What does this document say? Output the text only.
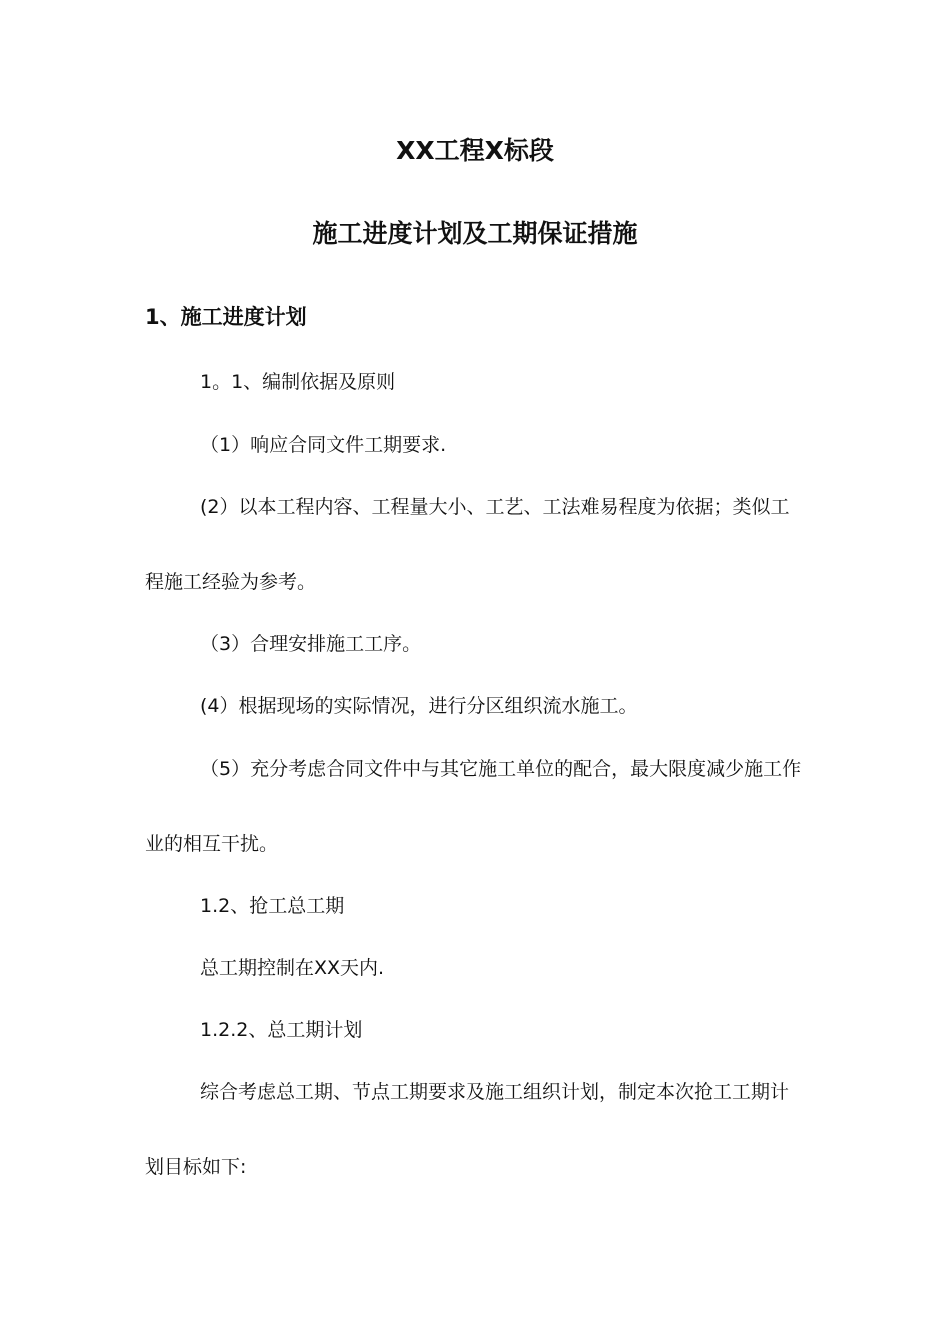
XX工程X标段
施工进度计划及工期保证措施
1、施工进度计划
1。1、编制依据及原则
（1）响应合同文件工期要求.
(2）以本工程内容、工程量大小、工艺、工法难易程度为依据；类似工
程施工经验为参考。
（3）合理安排施工工序。
(4）根据现场的实际情况，进行分区组织流水施工。
（5）充分考虑合同文件中与其它施工单位的配合，最大限度减少施工作
业的相互干扰。
1.2、抢工总工期
总工期控制在XX天内.
1.2.2、总工期计划
综合考虑总工期、节点工期要求及施工组织计划，制定本次抢工工期计
划目标如下:
